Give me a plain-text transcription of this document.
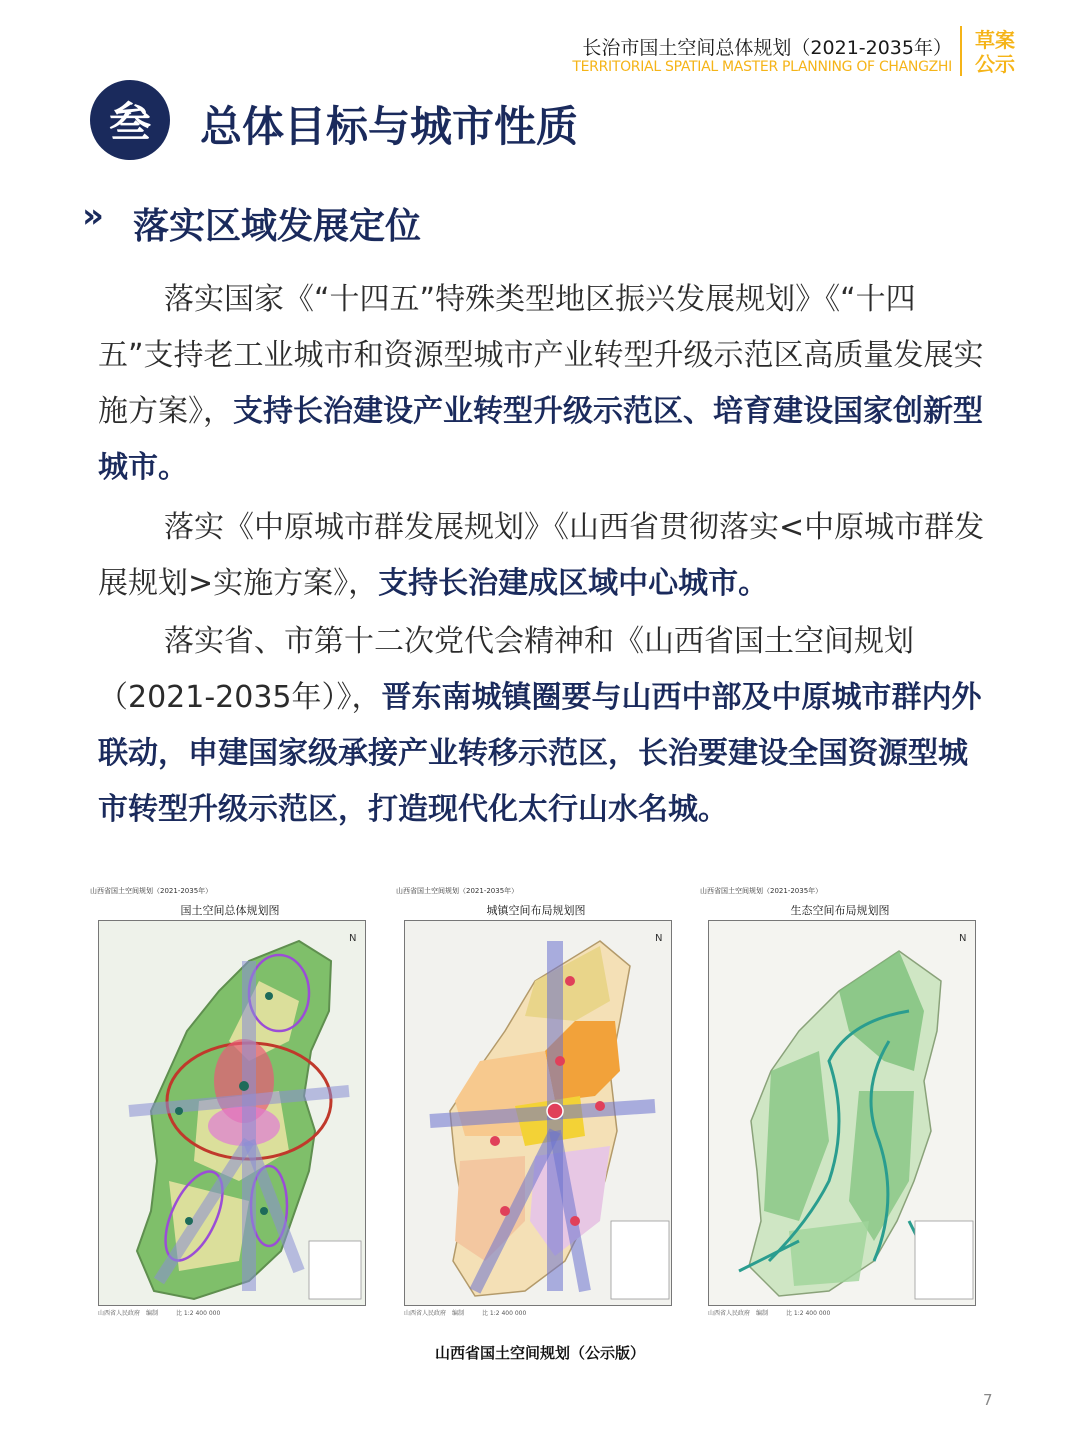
长治市国土空间总体规划（2021-2035年）
TERRITORIAL SPATIAL MASTER PLANNING OF CHANGZHI
草案
公示
叁	总体目标与城市性质
» 落实区域发展定位
落实国家《“十四五”特殊类型地区振兴发展规划》《“十四五”支持老工业城市和资源型城市产业转型升级示范区高质量发展实施方案》，支持长治建设产业转型升级示范区、培育建设国家创新型城市。
落实《中原城市群发展规划》《山西省贯彻落实<中原城市群发展规划>实施方案》，支持长治建成区域中心城市。
落实省、市第十二次党代会精神和《山西省国土空间规划（2021-2035年）》，晋东南城镇圈要与山西中部及中原城市群内外联动，申建国家级承接产业转移示范区，长治要建设全国资源型城市转型升级示范区，打造现代化太行山水名城。
山西省国土空间规划（2021-2035年）
国土空间总体规划图
N
山西省人民政府　编制　　　比 1:2 400 000
山西省国土空间规划（2021-2035年）
城镇空间布局规划图
N
山西省人民政府　编制　　　比 1:2 400 000
山西省国土空间规划（2021-2035年）
生态空间布局规划图
N
山西省人民政府　编制　　　比 1:2 400 000
山西省国土空间规划（公示版）
7
